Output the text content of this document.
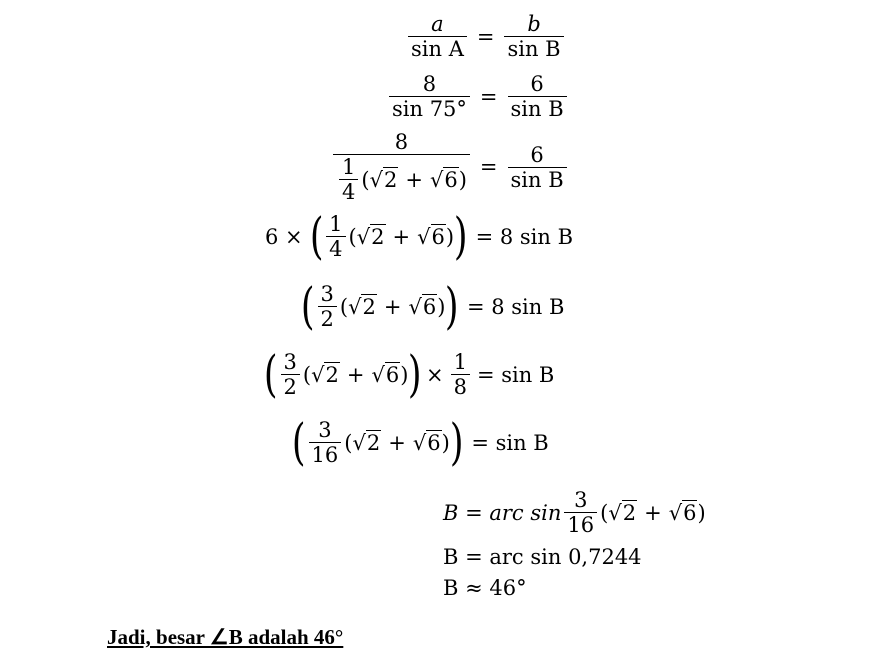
$\frac{a}{\text{sin A}} = \frac{b}{\text{sin B}}$
$\frac{8}{\sin 75^\circ} = \frac{6}{\text{sin B}}$
$\frac{8}{\frac{1}{4} ( √2 + √6 )} = \frac{6}{\text{sin B}}$
6 × ( $\frac{1}{4}$ ( √2 + √6 ) ) = 8 sin B
( $\frac{3}{2}$ ( √2 + √6 ) ) = 8 sin B
( $\frac{3}{2}$ ( √2 + √6 ) ) × $\frac{1}{8} = \sin B$
( $\frac{3}{16}$ ( √2 + √6 ) ) = sin B
B = arc $\sin \frac{3}{16}$ ( √2 + √6 )
B = arc sin 0,7244
B ≈ 46°
Jadi, besar ∠B adalah 46°
